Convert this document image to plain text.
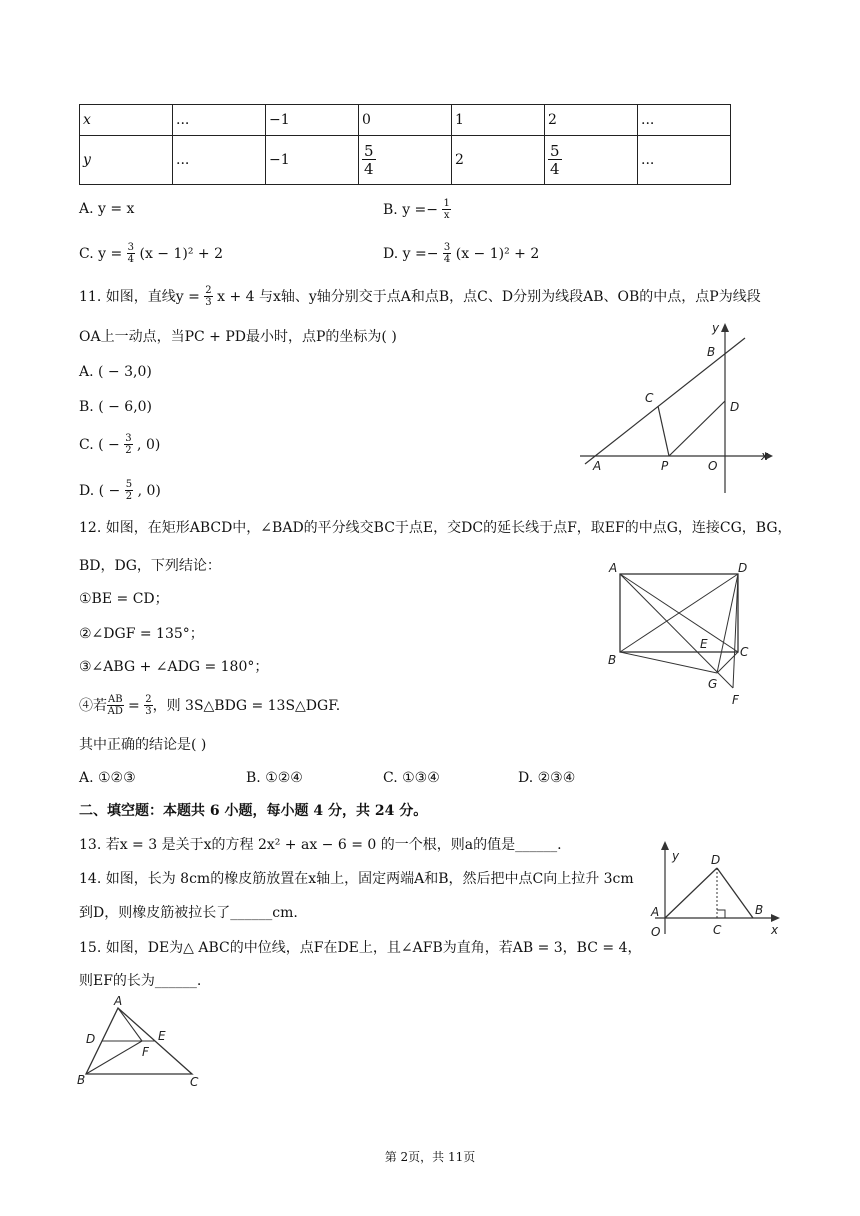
x	...	−1	0	1	2	...
y	...	−1	$\frac{5}{4}$	2	$\frac{5}{4}$	...
A. y = x	B. $y =- \frac{1}{x}$
C. $y = \frac{3}{4} (x - 1)^2 + 2$	D. $y =- \frac{3}{4} (x - 1)^2 + 2$
11. 如图，直线$y = \frac{2}{3}$ x + 4 与x轴、y轴分别交于点A和点B，点C、D分别为线段AB、OB的中点，点P为线段
OA上一动点，当PC + PD最小时，点P的坐标为( )
A. ( − 3,0)
B. ( − 6,0)
C. ( − $\frac{3}{2}$ , 0)
D. ( − $\frac{5}{2}$ , 0)
y
B
C
D
A	P	O
x
12. 如图，在矩形ABCD中，∠BAD的平分线交BC于点E，交DC的延长线于点F，取EF的中点G，连接CG，BG，
BD，DG，下列结论：
①BE = CD；
②∠DGF = 135°；
③∠ABG + ∠ADG = 180°；
④若 $\frac{AB}{AD} = \frac{2}{3}$ ，则 3S△BDG = 13S△DGF.
其中正确的结论是( )
A. ①②③	B. ①②④	C. ①③④	D. ②③④
A	D
E
C
B
G
F
二、填空题：本题共 6 小题，每小题 4 分，共 24 分。
13. 若x = 3 是关于x的方程 2x² + ax − 6 = 0 的一个根，则a的值是______.
14. 如图，长为 8cm的橡皮筋放置在x轴上，固定两端A和B，然后把中点C向上拉升 3cm
到D，则橡皮筋被拉长了______cm.
y	D
A	B
O	C	x
15. 如图，DE为△ ABC的中位线，点F在DE上，且∠AFB为直角，若AB = 3，BC = 4，
则EF的长为______.
A
D	E
F
B	C
第 2页，共 11页
